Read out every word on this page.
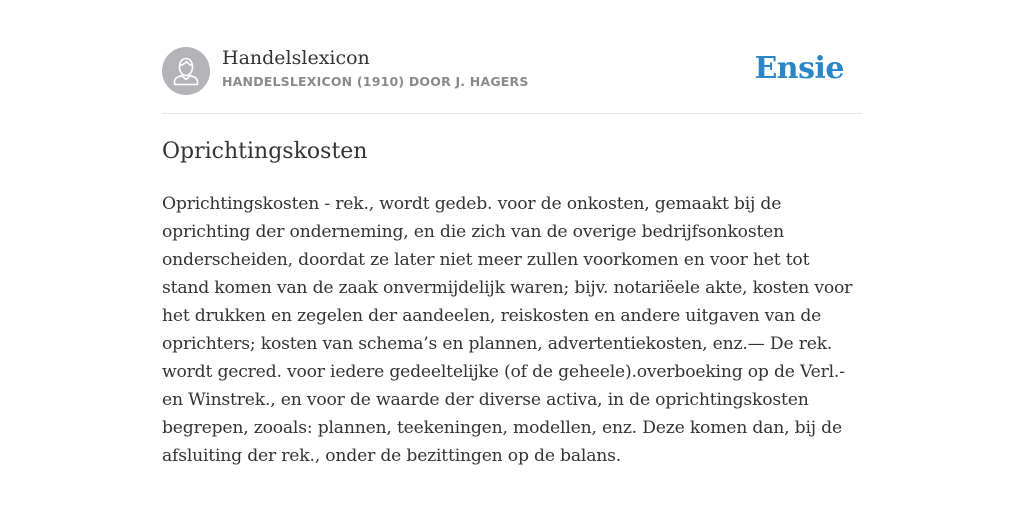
Handelslexicon
HANDELSLEXICON (1910) DOOR J. HAGERS	Ensie
Oprichtingskosten
Oprichtingskosten - rek., wordt gedeb. voor de onkosten, gemaakt bij de
oprichting der onderneming, en die zich van de overige bedrijfsonkosten
onderscheiden, doordat ze later niet meer zullen voorkomen en voor het tot
stand komen van de zaak onvermijdelijk waren; bijv. notariëele akte, kosten voor
het drukken en zegelen der aandeelen, reiskosten en andere uitgaven van de
oprichters; kosten van schema’s en plannen, advertentiekosten, enz.— De rek.
wordt gecred. voor iedere gedeeltelijke (of de geheele).overboeking op de Verl.-
en Winstrek., en voor de waarde der diverse activa, in de oprichtingskosten
begrepen, zooals: plannen, teekeningen, modellen, enz. Deze komen dan, bij de
afsluiting der rek., onder de bezittingen op de balans.
